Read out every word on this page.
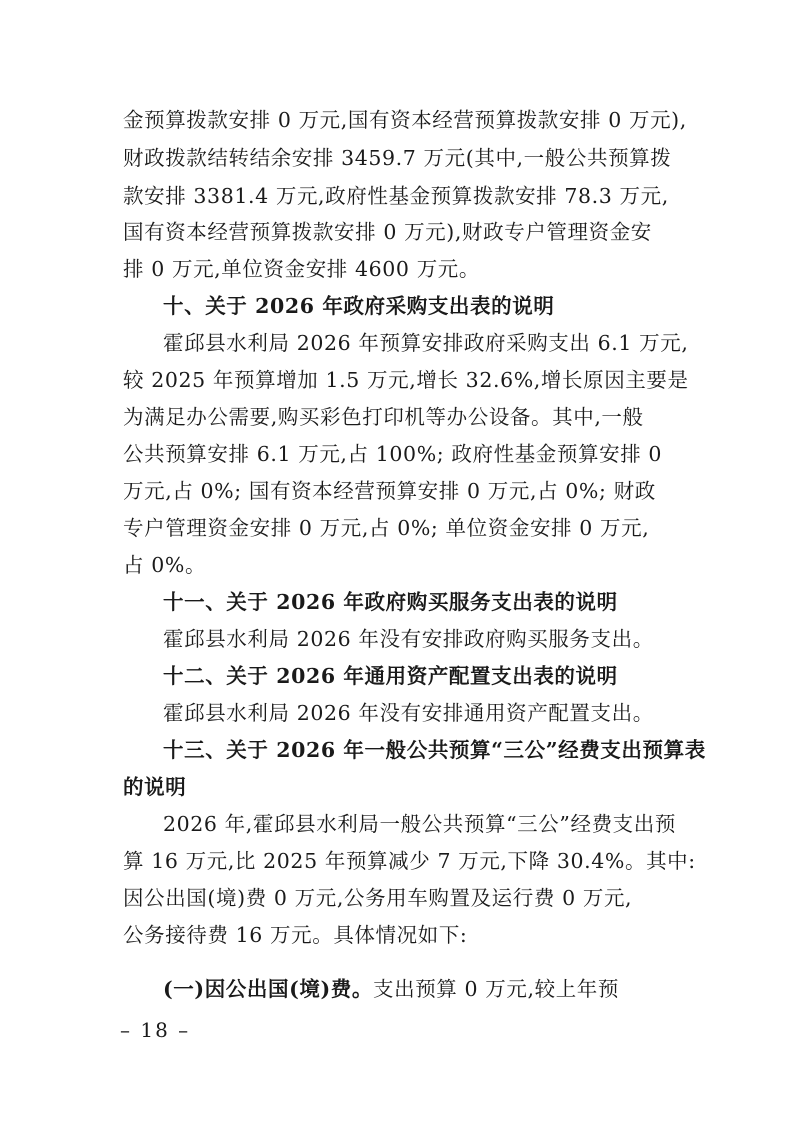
金预算拨款安排 0 万元,国有资本经营预算拨款安排 0 万元),
财政拨款结转结余安排 3459.7 万元(其中,一般公共预算拨
款安排 3381.4 万元,政府性基金预算拨款安排 78.3 万元,
国有资本经营预算拨款安排 0 万元),财政专户管理资金安
排 0 万元,单位资金安排 4600 万元。
十、关于 2026 年政府采购支出表的说明
霍邱县水利局 2026 年预算安排政府采购支出 6.1 万元,
较 2025 年预算增加 1.5 万元,增长 32.6%,增长原因主要是
为满足办公需要,购买彩色打印机等办公设备。其中,一般
公共预算安排 6.1 万元,占 100%; 政府性基金预算安排 0
万元,占 0%; 国有资本经营预算安排 0 万元,占 0%; 财政
专户管理资金安排 0 万元,占 0%; 单位资金安排 0 万元,
占 0%。
十一、关于 2026 年政府购买服务支出表的说明
霍邱县水利局 2026 年没有安排政府购买服务支出。
十二、关于 2026 年通用资产配置支出表的说明
霍邱县水利局 2026 年没有安排通用资产配置支出。
十三、关于 2026 年一般公共预算“三公”经费支出预算表
的说明
2026 年,霍邱县水利局一般公共预算“三公”经费支出预
算 16 万元,比 2025 年预算减少 7 万元,下降 30.4%。其中:
因公出国(境)费 0 万元,公务用车购置及运行费 0 万元,
公务接待费 16 万元。具体情况如下:
(一)因公出国(境)费。支出预算 0 万元,较上年预
– 18 –
